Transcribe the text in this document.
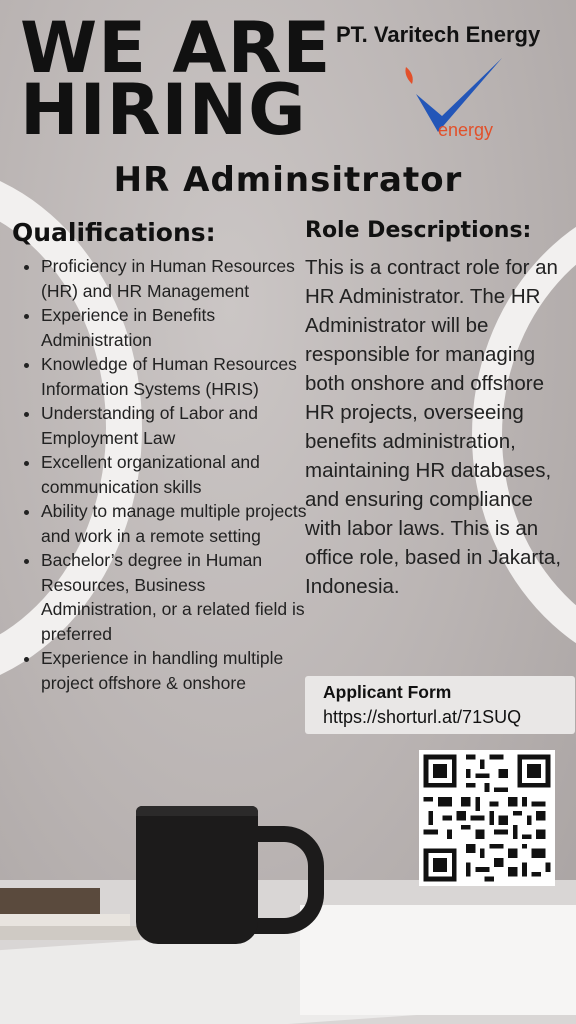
WE ARE
HIRING
PT. Varitech Energy
energy
HR Adminsitrator
Qualifications:
• Proficiency in Human Resources (HR) and HR Management
• Experience in Benefits Administration
• Knowledge of Human Resources Information Systems (HRIS)
• Understanding of Labor and Employment Law
• Excellent organizational and communication skills
• Ability to manage multiple projects and work in a remote setting
• Bachelor’s degree in Human Resources, Business Administration, or a related field is preferred
• Experience in handling multiple project offshore & onshore
Role Descriptions:
This is a contract role for an HR Administrator. The HR Administrator will be responsible for managing both onshore and offshore HR projects, overseeing benefits administration, maintaining HR databases, and ensuring compliance with labor laws. This is an office role, based in Jakarta, Indonesia.
Applicant Form
https://shorturl.at/71SUQ
